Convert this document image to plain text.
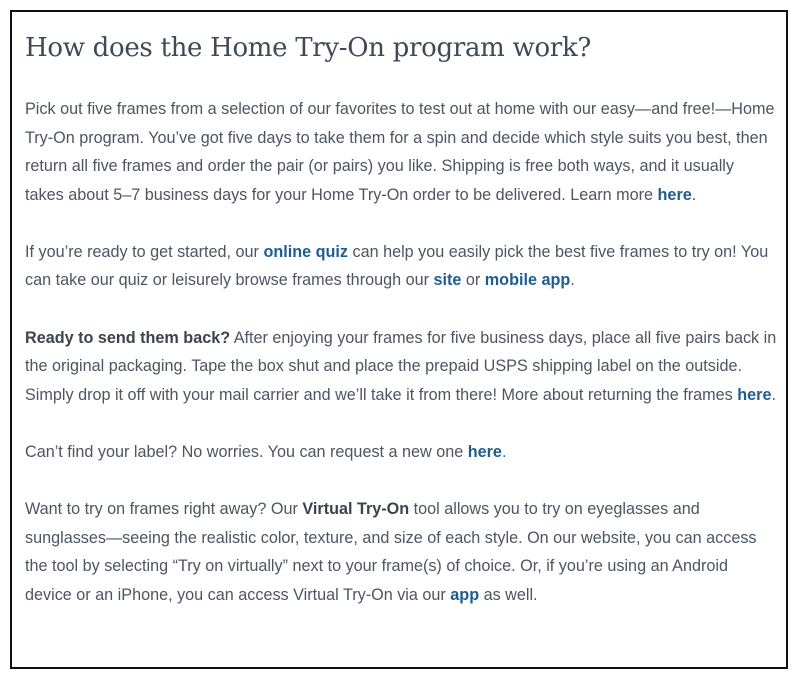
How does the Home Try-On program work?

Pick out five frames from a selection of our favorites to test out at home with our easy—and free!—Home Try-On program. You’ve got five days to take them for a spin and decide which style suits you best, then return all five frames and order the pair (or pairs) you like. Shipping is free both ways, and it usually takes about 5–7 business days for your Home Try-On order to be delivered. Learn more here.

If you’re ready to get started, our online quiz can help you easily pick the best five frames to try on! You can take our quiz or leisurely browse frames through our site or mobile app.

Ready to send them back? After enjoying your frames for five business days, place all five pairs back in the original packaging. Tape the box shut and place the prepaid USPS shipping label on the outside. Simply drop it off with your mail carrier and we’ll take it from there! More about returning the frames here.

Can’t find your label? No worries. You can request a new one here.

Want to try on frames right away? Our Virtual Try-On tool allows you to try on eyeglasses and sunglasses—seeing the realistic color, texture, and size of each style. On our website, you can access the tool by selecting “Try on virtually” next to your frame(s) of choice. Or, if you’re using an Android device or an iPhone, you can access Virtual Try-On via our app as well.
